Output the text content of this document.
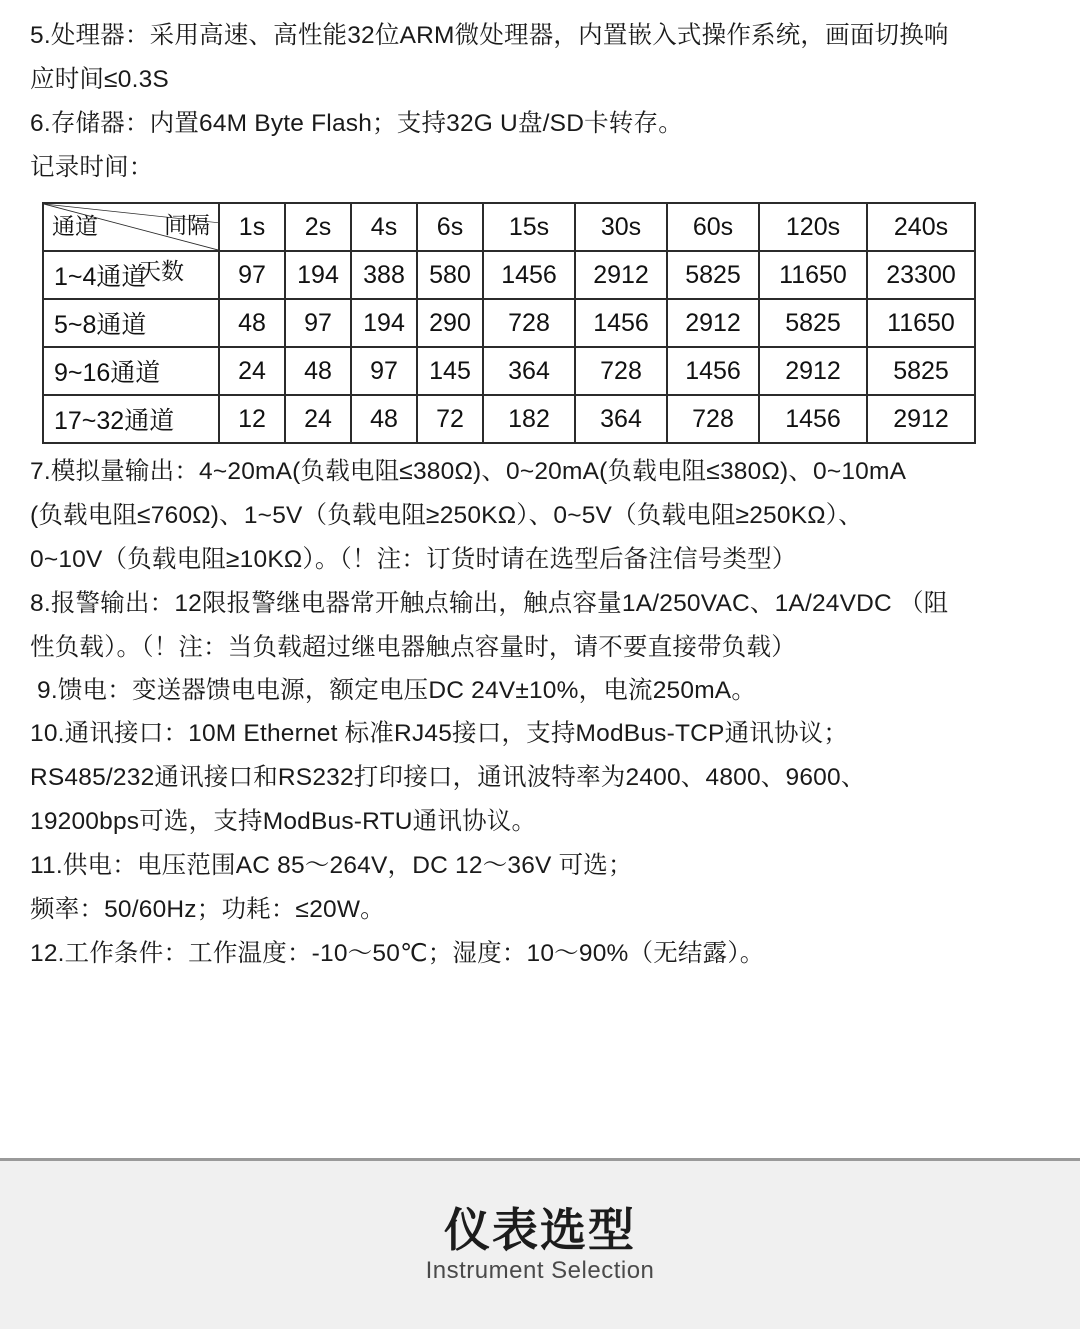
5.处理器：采用高速、高性能32位ARM微处理器，内置嵌入式操作系统，画面切换响

应时间≤0.3S

6.存储器：内置64M Byte Flash；支持32G U盘/SD卡转存。

记录时间：

间隔
天数
通道	1s	2s	4s	6s	15s	30s	60s	120s	240s
1~4通道	97	194	388	580	1456	2912	5825	11650	23300
5~8通道	48	97	194	290	728	1456	2912	5825	11650
9~16通道	24	48	97	145	364	728	1456	2912	5825
17~32通道	12	24	48	72	182	364	728	1456	2912

7.模拟量输出：4~20mA(负载电阻≤380Ω)、0~20mA(负载电阻≤380Ω)、0~10mA

(负载电阻≤760Ω)、1~5V（负载电阻≥250KΩ）、0~5V（负载电阻≥250KΩ）、

0~10V（负载电阻≥10KΩ）。（！注：订货时请在选型后备注信号类型）

8.报警输出：12限报警继电器常开触点输出，触点容量1A/250VAC、1A/24VDC （阻

性负载）。（！注：当负载超过继电器触点容量时，请不要直接带负载）

9.馈电：变送器馈电电源，额定电压DC 24V±10%，电流250mA。

10.通讯接口：10M Ethernet 标准RJ45接口，支持ModBus-TCP通讯协议；

RS485/232通讯接口和RS232打印接口，通讯波特率为2400、4800、9600、

19200bps可选，支持ModBus-RTU通讯协议。

11.供电：电压范围AC 85～264V，DC 12～36V 可选；

频率：50/60Hz；功耗：≤20W。

12.工作条件：工作温度：-10～50℃；湿度：10～90%（无结露）。

仪表选型
Instrument Selection
